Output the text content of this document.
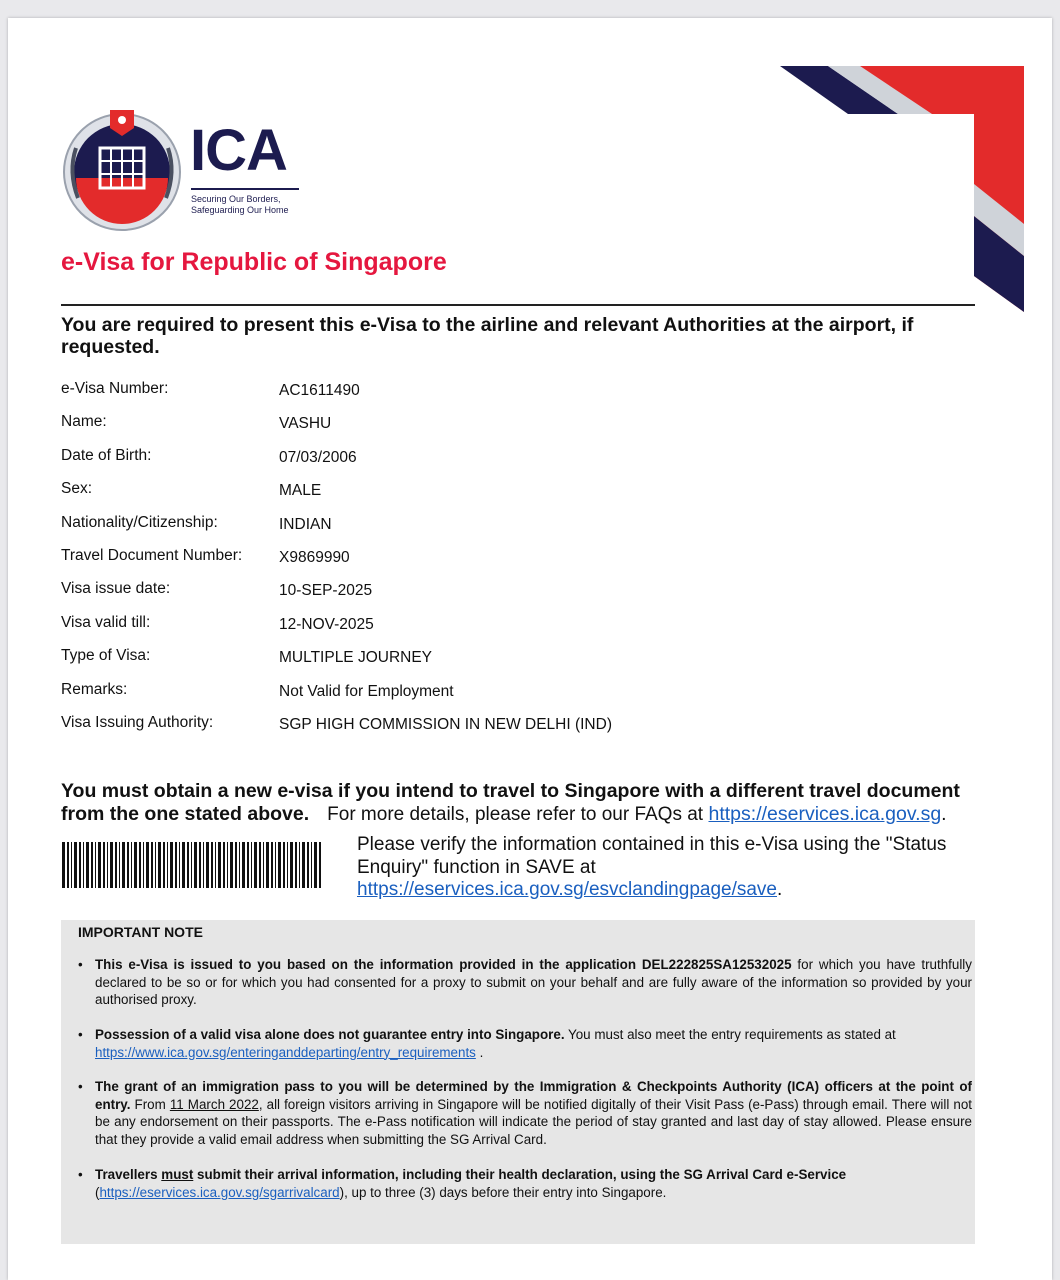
ICA
Securing Our Borders,
Safeguarding Our Home
e-Visa for Republic of Singapore
You are required to present this e-Visa to the airline and relevant Authorities at the airport, if requested.
e-Visa Number:	AC1611490
Name:	VASHU
Date of Birth:	07/03/2006
Sex:	MALE
Nationality/Citizenship:	INDIAN
Travel Document Number: X9869990
Visa issue date:	10-SEP-2025
Visa valid till:	12-NOV-2025
Type of Visa:	MULTIPLE JOURNEY
Remarks:	Not Valid for Employment
Visa Issuing Authority:	SGP HIGH COMMISSION IN NEW DELHI (IND)
You must obtain a new e-visa if you intend to travel to Singapore with a different travel document from the one stated above. For more details, please refer to our FAQs at https://eservices.ica.gov.sg.
Please verify the information contained in this e-Visa using the "Status Enquiry" function in SAVE at
https://eservices.ica.gov.sg/esvclandingpage/save.
IMPORTANT NOTE
• This e-Visa is issued to you based on the information provided in the application DEL222825SA12532025 for which you have truthfully declared to be so or for which you had consented for a proxy to submit on your behalf and are fully aware of the information so provided by your authorised proxy.
• Possession of a valid visa alone does not guarantee entry into Singapore. You must also meet the entry requirements as stated at
https://www.ica.gov.sg/enteringanddeparting/entry_requirements .
• The grant of an immigration pass to you will be determined by the Immigration & Checkpoints Authority (ICA) officers at the point of entry. From 11 March 2022, all foreign visitors arriving in Singapore will be notified digitally of their Visit Pass (e-Pass) through email. There will not be any endorsement on their passports. The e-Pass notification will indicate the period of stay granted and last day of stay allowed. Please ensure that they provide a valid email address when submitting the SG Arrival Card.
• Travellers must submit their arrival information, including their health declaration, using the SG Arrival Card e-Service
(https://eservices.ica.gov.sg/sgarrivalcard), up to three (3) days before their entry into Singapore.
